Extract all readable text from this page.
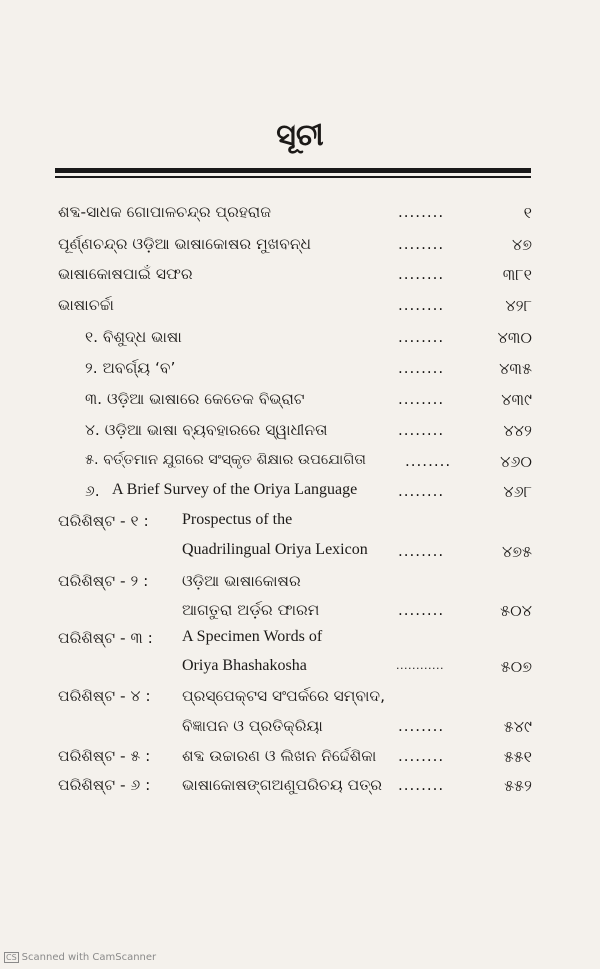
ସୂଚୀ
ଶବ୍ଦ-ସାଧକ ଗୋପାଳଚନ୍ଦ୍ର ପ୍ରହରାଜ	........	୧
ପୂର୍ଣ୍ଣଚନ୍ଦ୍ର ଓଡ଼ିଆ ଭାଷାକୋଷର ମୁଖବନ୍ଧ	........	୪୭
ଭାଷାକୋଷପାଇଁ ସଫର	........	୩୮୧
ଭାଷାଚର୍ଚ୍ଚା	........	୪୨୮
୧. ବିଶୁଦ୍ଧ ଭାଷା	........	୪୩୦
୨. ଅବର୍ଗ୍ୟ ‘ବ’	........	୪୩୫
୩. ଓଡ଼ିଆ ଭାଷାରେ କେତେକ ବିଭ୍ରାଟ	........	୪୩୯
୪. ଓଡ଼ିଆ ଭାଷା ବ୍ୟବହାରରେ ସ୍ୱାଧୀନତା	........	୪୪୨
୫. ବର୍ତ୍ତମାନ ଯୁଗରେ ସଂସ୍କୃତ ଶିକ୍ଷାର ଉପଯୋଗିତା	........	୪୬୦
୬. A Brief Survey of the Oriya Language	........	୪୬୮
ପରିଶିଷ୍ଟ - ୧ : Prospectus of the
Quadrilingual Oriya Lexicon ........	୪୭୫
ପରିଶିଷ୍ଟ - ୨ : ଓଡ଼ିଆ ଭାଷାକୋଷର
ଆଗତୁରା ଅର୍ଡ଼ର ଫାରମ	........	୫୦୪
ପରିଶିଷ୍ଟ - ୩ : A Specimen Words of
Oriya Bhashakosha	............	୫୦୭
ପରିଶିଷ୍ଟ - ୪ : ପ୍ରସ୍ପେକ୍ଟସ ସଂପର୍କରେ ସମ୍ବାଦ,
ବିଜ୍ଞାପନ ଓ ପ୍ରତିକ୍ରିୟା	........	୫୪୯
ପରିଶିଷ୍ଟ - ୫ : ଶବ୍ଦ ଉଚ୍ଚାରଣ ଓ ଲିଖନ ନିର୍ଦ୍ଦେଶିକା ........	୫୫୧
ପରିଶିଷ୍ଟ - ୬ : ଭାଷାକୋଷଙ୍ଗଅଣୁପରିଚୟ ପତ୍ର ........	୫୫୨
CS Scanned with CamScanner
